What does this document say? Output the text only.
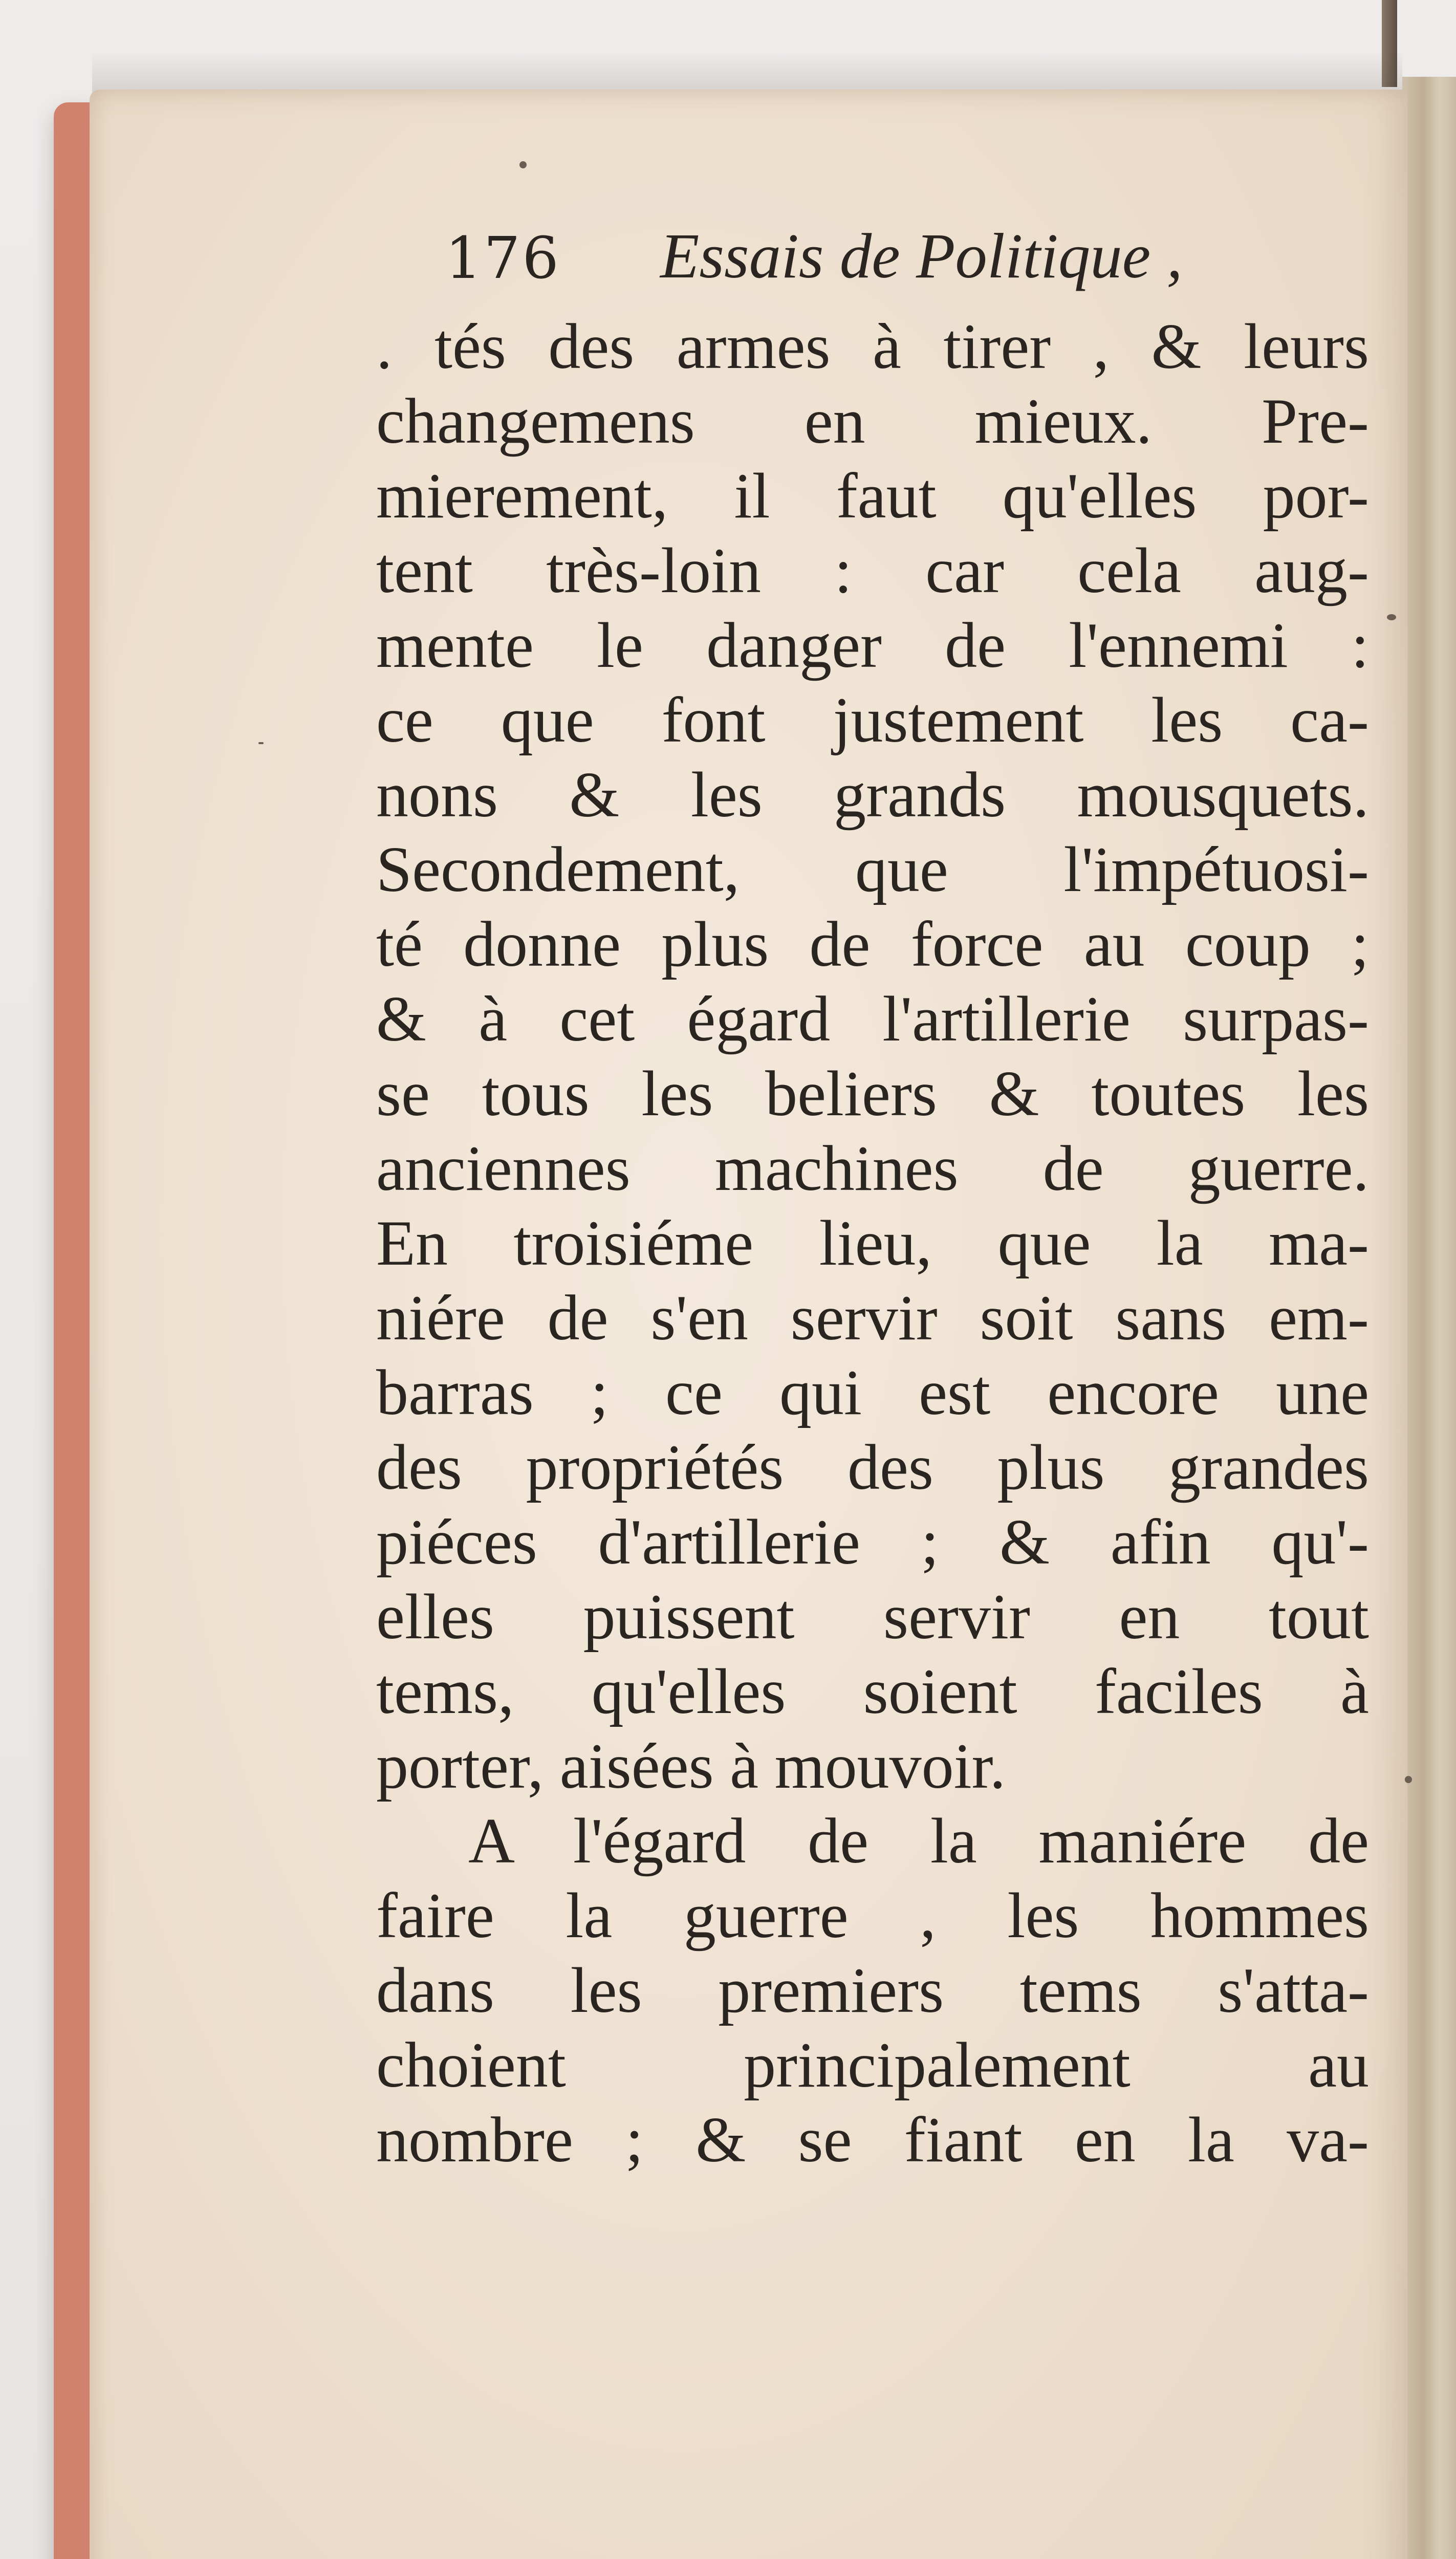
176 Essais de Politique ,
. tés des armes à tirer , & leurs
changemens en mieux. Pre-
mierement, il faut qu'elles por-
tent très-loin : car cela aug-
mente le danger de l'ennemi :
ce que font justement les ca-
nons & les grands mousquets.
Secondement, que l'impétuosi-
té donne plus de force au coup ;
& à cet égard l'artillerie surpas-
se tous les beliers & toutes les
anciennes machines de guerre.
En troisiéme lieu, que la ma-
niére de s'en servir soit sans em-
barras ; ce qui est encore une
des propriétés des plus grandes
piéces d'artillerie ; & afin qu'-
elles puissent servir en tout
tems, qu'elles soient faciles à
porter, aisées à mouvoir.
A l'égard de la maniére de
faire la guerre , les hommes
dans les premiers tems s'atta-
choient principalement au
nombre ; & se fiant en la va-
